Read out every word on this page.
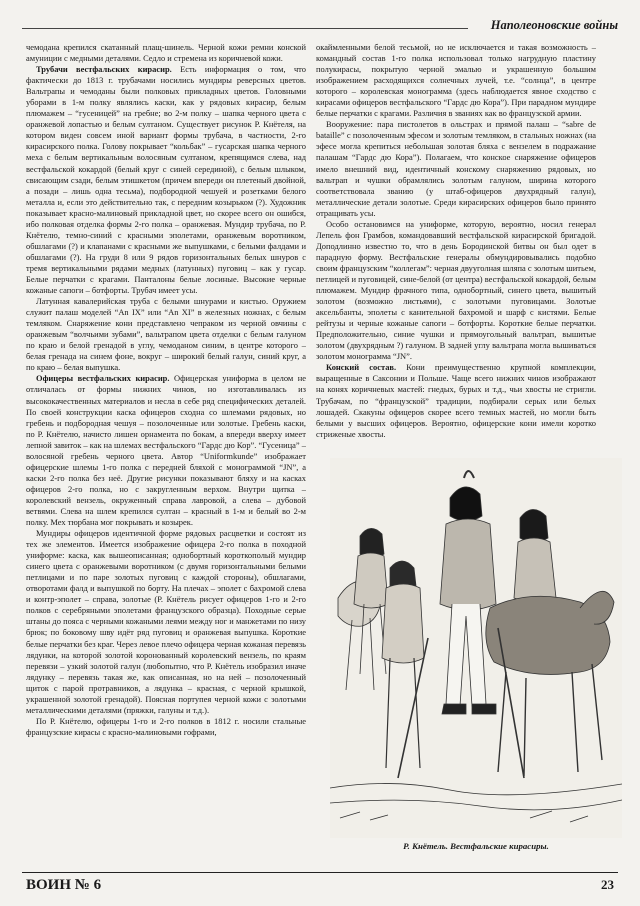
Наполеоновские войны

чемодана крепился скатанный плащ-шинель. Черной кожи ремни конской амуниции с медными деталями. Седло и стремена из коричневой кожи.

Трубачи вестфальских кирасир. Есть информация о том, что фактически до 1813 г. трубачами носились мундиры реверсных цветов. Вальтрапы и чемоданы были полковых прикладных цветов. Головными уборами в 1-м полку являлись каски, как у рядовых кирасир, белым плюмажем – “гусеницей” на гребне; во 2-м полку – шапка черного цвета с оранжевой лопастью и белым султаном. Существует рисунок Р. Кнётеля, на котором виден совсем иной вариант формы трубача, в частности, 2-го кирасирского полка. Голову покрывает “кольбак” – гусарская шапка черного меха с белым вертикальным волосяным султаном, крепящимся слева, над вестфальской кокардой (белый круг с синей серединой), с белым шлыком, свисающим сзади, белым этишкетом (причем впереди он плетеный двойной, а позади – лишь одна тесьма), подбородной чешуей и розетками белого металла и, если это действительно так, с передним козырьком (?). Художник показывает красно-малиновый прикладной цвет, но скорее всего он ошибся, ибо полковая отделка формы 2-го полка – оранжевая. Мундир трубача, по Р. Кнётелю, темно-синий с красными эполетами, оранжевым воротником, обшлагами (?) и клапанами с красными же выпушками, с белыми фалдами и обшлагами (?). На груди 8 или 9 рядов горизонтальных белых шнуров с тремя вертикальными рядами медных (латунных) пуговиц – как у гусар. Белые перчатки с крагами. Панталоны белые лосиные. Высокие черные кожаные сапоги – ботфорты. Трубач имеет усы.

Латунная кавалерийская труба с белыми шнурами и кистью. Оружием служит палаш моделей “An IX” или “An XI” в железных ножнах, с белым темляком. Снаряжение кони представлено чепраком из черной овчины с оранжевым “волчьими зубами”, вальтрапом цвета отделки с белым галуном по краю и белой гренадой в углу, чемоданом синим, в центре которого – белая гренада на синем фоне, вокруг – широкий белый галун, синий круг, а по краю – белая выпушка.

Офицеры вестфальских кирасир. Офицерская униформа в целом не отличалась от формы нижних чинов, но изготавливалась из высококачественных материалов и несла в себе ряд специфических деталей. По своей конструкции каска офицеров сходна со шлемами рядовых, но гребень и подбородная чешуя – позолоченные или золотые. Гребень каски, по Р. Кнётелю, начисто лишен орнамента по бокам, а впереди вверху имеет лепной завиток – как на шлемах вестфальского “Гардс дю Кор”. “Гусеница” – волосяной гребень черного цвета. Автор “Uniformkunde” изображает офицерские шлемы 1-го полка с передней бляхой с монограммой “JN”, а каски 2-го полка без неё. Другие рисунки показывают бляху и на касках офицеров 2-го полка, но с закругленным верхом. Внутри щитка – королевский вензель, окруженный справа лавровой, а слева – дубовой ветвями. Слева на шлем крепился султан – красный в 1-м и белый во 2-м полку. Мех тюрбана мог покрывать и козырек.

Мундиры офицеров идентичной форме рядовых расцветки и состоят из тех же элементов. Имеется изображение офицера 2-го полка в походной униформе: каска, как вышеописанная; однобортный короткополый мундир синего цвета с оранжевыми воротником (с двумя горизонтальными белыми петлицами и по паре золотых пуговиц с каждой стороны), обшлагами, отворотами фалд и выпушкой по борту. На плечах – эполет с бахромой слева и контр-эполет – справа, золотые (Р. Кнётель рисует офицеров 1-го и 2-го полков с серебряными эполетами французского образца). Походные серые штаны до пояса с черными кожаными леями между ног и манжетами по низу брюк; по боковому шву идёт ряд пуговиц и оранжевая выпушка. Короткие белые перчатки без краг. Через левое плечо офицера черная кожаная перевязь лядунки, на которой золотой коронованный королевский вензель, по краям перевязи – узкий золотой галун (любопытно, что Р. Кнётель изобразил иначе лядунку – перевязь такая же, как описанная, но на ней – позолоченный щиток с парой протравников, а лядунка – красная, с черной крышкой, украшенной золотой гренадой). Поясная портупея черной кожи с золотыми металлическими деталями (пряжки, галуны и т.д.).

По Р. Кнётелю, офицеры 1-го и 2-го полков в 1812 г. носили стальные французские кирасы с красно-малиновыми гофрами,

окаймленными белой тесьмой, но не исключается и такая возможность – командный состав 1-го полка использовал только нагрудную пластину полукирасы, покрытую черной эмалью и украшенную большим изображением расходящихся солнечных лучей, т.е. “солнца”, в центре которого – королевская монограмма (здесь наблюдается явное сходство с кирасами офицеров вестфальского “Гардс дю Кора”). При парадном мундире белые перчатки с крагами. Различия в званиях как во французской армии.

Вооружение: пара пистолетов в ольстрах и прямой палаш – “sabre de bataille” с позолоченным эфесом и золотым темляком, в стальных ножнах (на эфесе могла крепиться небольшая золотая бляха с вензелем в подражание палашам “Гардс дю Кора”). Полагаем, что конское снаряжение офицеров имело внешний вид, идентичный конскому снаряжению рядовых, но вальтрап и чушки обрамлялись золотым галуном, ширина которого соответствовала званию (у штаб-офицеров двухрядный галун), металлические детали золотые. Среди кирасирских офицеров было принято отращивать усы.

Особо остановимся на униформе, которую, вероятно, носил генерал Лепель фон Грамбов, командовавший вестфальской кирасирской бригадой. Доподлинно известно то, что в день Бородинской битвы он был одет в парадную форму. Вестфальские генералы обмундировывались подобно своим французским “коллегам”: черная двууголная шляпа с золотым шитьем, петлицей и пуговицей, сине-белой (от центра) вестфальской кокардой, белым плюмажем. Мундир фрачного типа, однобортный, синего цвета, вышитый золотом (возможно листьями), с золотыми пуговицами. Золотые аксельбанты, эполеты с канительной бахромой и шарф с кистями. Белые рейтузы и черные кожаные сапоги – ботфорты. Короткие белые перчатки. Предположительно, синие чушки и прямоугольный вальтрап, вышитые золотом (двухрядным ?) галуном. В задней углу вальтрапа могла вышиваться золотом монограмма “JN”.

Конский состав. Кони преимущественно крупной комплекции, выращенные в Саксонии и Польше. Чаще всего нижних чинов изображают на конях коричневых мастей: гнедых, бурых и т.д., чьи хвосты не стригли. Трубачам, по “французской” традиции, подбирали серых или белых лошадей. Скакуны офицеров скорее всего темных мастей, но могли быть белыми у высших офицеров. Вероятно, офицерские кони имели коротко стриженые хвосты.

Р. Кнётель. Вестфальские кирасиры.
ВОИН № 6	23
